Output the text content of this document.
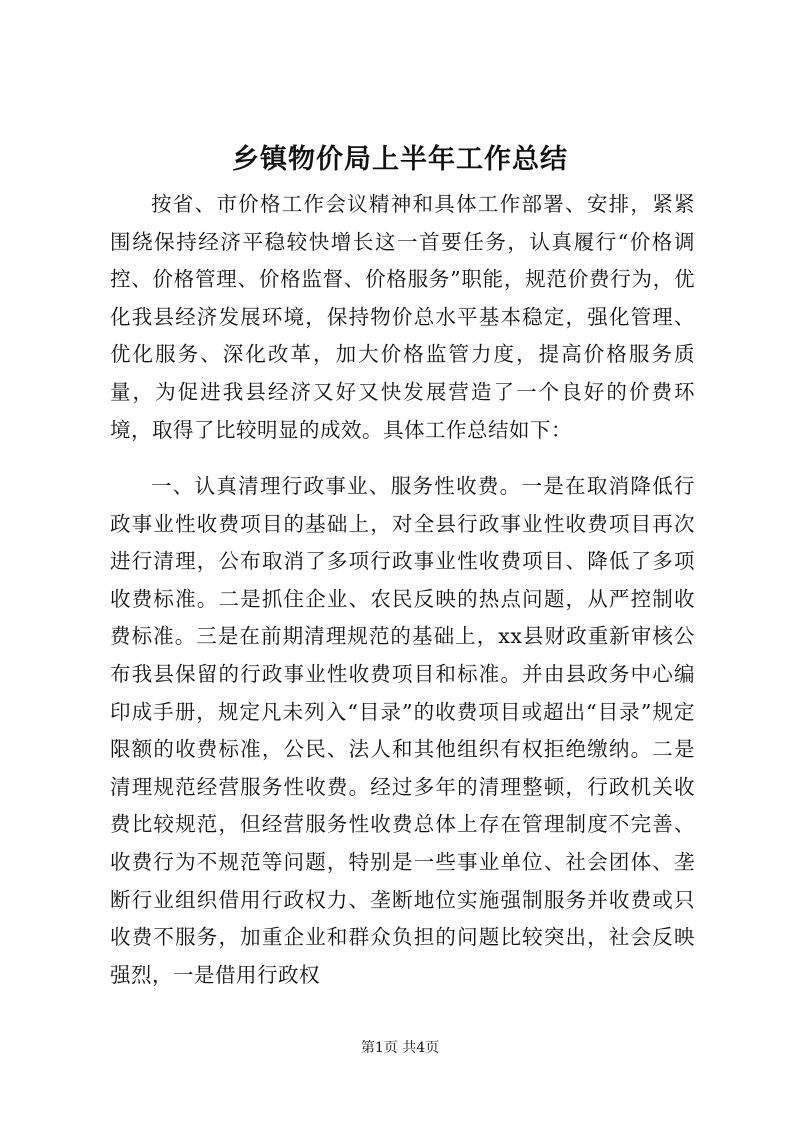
乡镇物价局上半年工作总结

按省、市价格工作会议精神和具体工作部署、安排，紧紧围绕保持经济平稳较快增长这一首要任务，认真履行“价格调控、价格管理、价格监督、价格服务”职能，规范价费行为，优化我县经济发展环境，保持物价总水平基本稳定，强化管理、优化服务、深化改革，加大价格监管力度，提高价格服务质量，为促进我县经济又好又快发展营造了一个良好的价费环境，取得了比较明显的成效。具体工作总结如下：

一、认真清理行政事业、服务性收费。一是在取消降低行政事业性收费项目的基础上，对全县行政事业性收费项目再次进行清理，公布取消了多项行政事业性收费项目、降低了多项收费标准。二是抓住企业、农民反映的热点问题，从严控制收费标准。三是在前期清理规范的基础上，xx县财政重新审核公布我县保留的行政事业性收费项目和标准。并由县政务中心编印成手册，规定凡未列入“目录”的收费项目或超出“目录”规定限额的收费标准，公民、法人和其他组织有权拒绝缴纳。二是清理规范经营服务性收费。经过多年的清理整顿，行政机关收费比较规范，但经营服务性收费总体上存在管理制度不完善、收费行为不规范等问题，特别是一些事业单位、社会团体、垄断行业组织借用行政权力、垄断地位实施强制服务并收费或只收费不服务，加重企业和群众负担的问题比较突出，社会反映强烈，一是借用行政权

第1页 共4页
